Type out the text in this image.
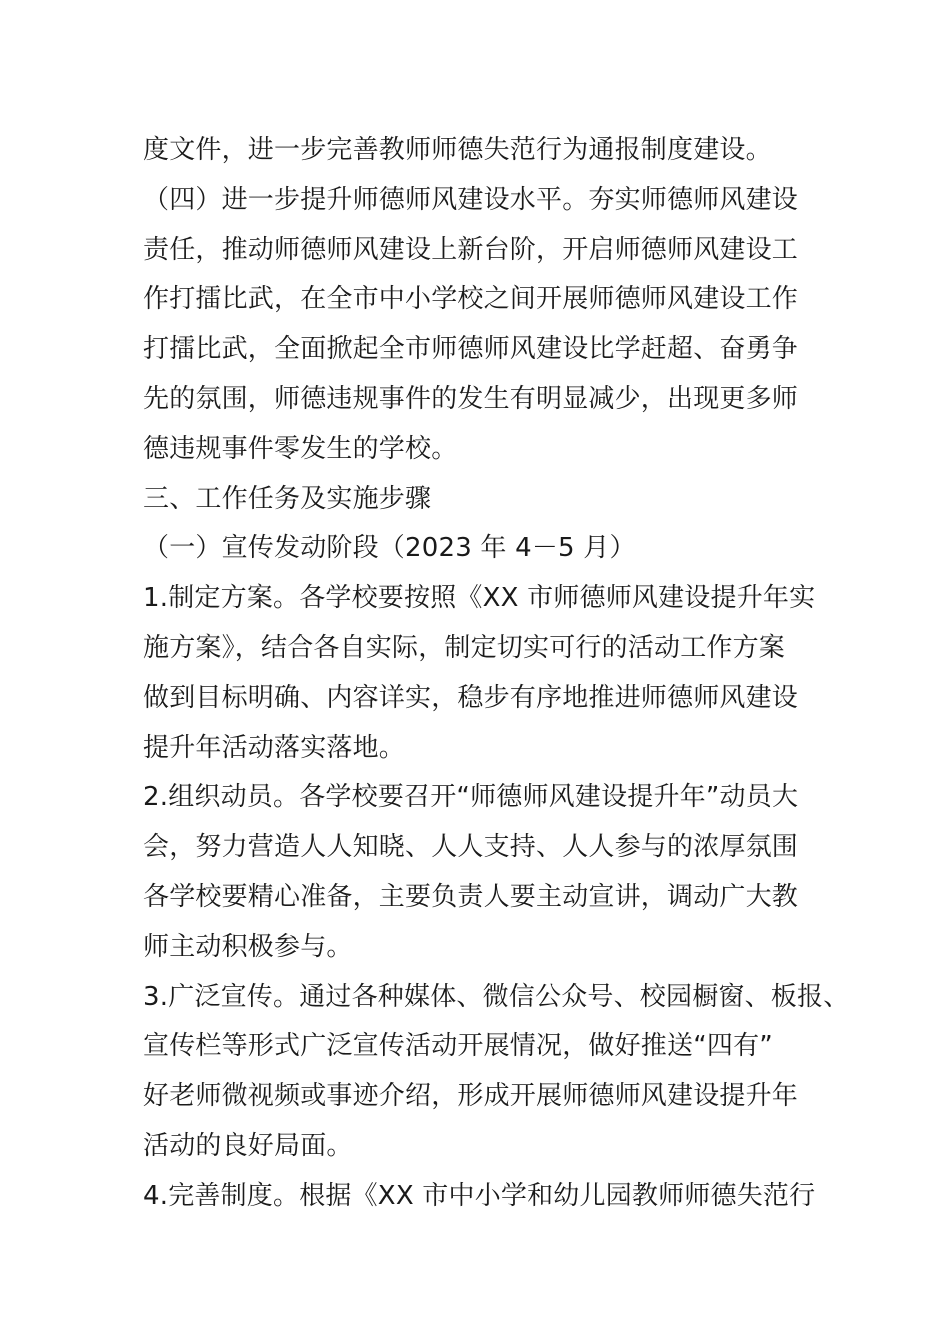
度文件，进一步完善教师师德失范行为通报制度建设。
（四）进一步提升师德师风建设水平。夯实师德师风建设
责任，推动师德师风建设上新台阶，开启师德师风建设工
作打擂比武，在全市中小学校之间开展师德师风建设工作
打擂比武，全面掀起全市师德师风建设比学赶超、奋勇争
先的氛围，师德违规事件的发生有明显减少，出现更多师
德违规事件零发生的学校。
三、工作任务及实施步骤
（一）宣传发动阶段（2023 年 4－5 月）
1.制定方案。各学校要按照《XX 市师德师风建设提升年实
施方案》，结合各自实际，制定切实可行的活动工作方案
做到目标明确、内容详实，稳步有序地推进师德师风建设
提升年活动落实落地。
2.组织动员。各学校要召开“师德师风建设提升年”动员大
会，努力营造人人知晓、人人支持、人人参与的浓厚氛围
各学校要精心准备，主要负责人要主动宣讲，调动广大教
师主动积极参与。
3.广泛宣传。通过各种媒体、微信公众号、校园橱窗、板报、
宣传栏等形式广泛宣传活动开展情况，做好推送“四有”
好老师微视频或事迹介绍，形成开展师德师风建设提升年
活动的良好局面。
4.完善制度。根据《XX 市中小学和幼儿园教师师德失范行
